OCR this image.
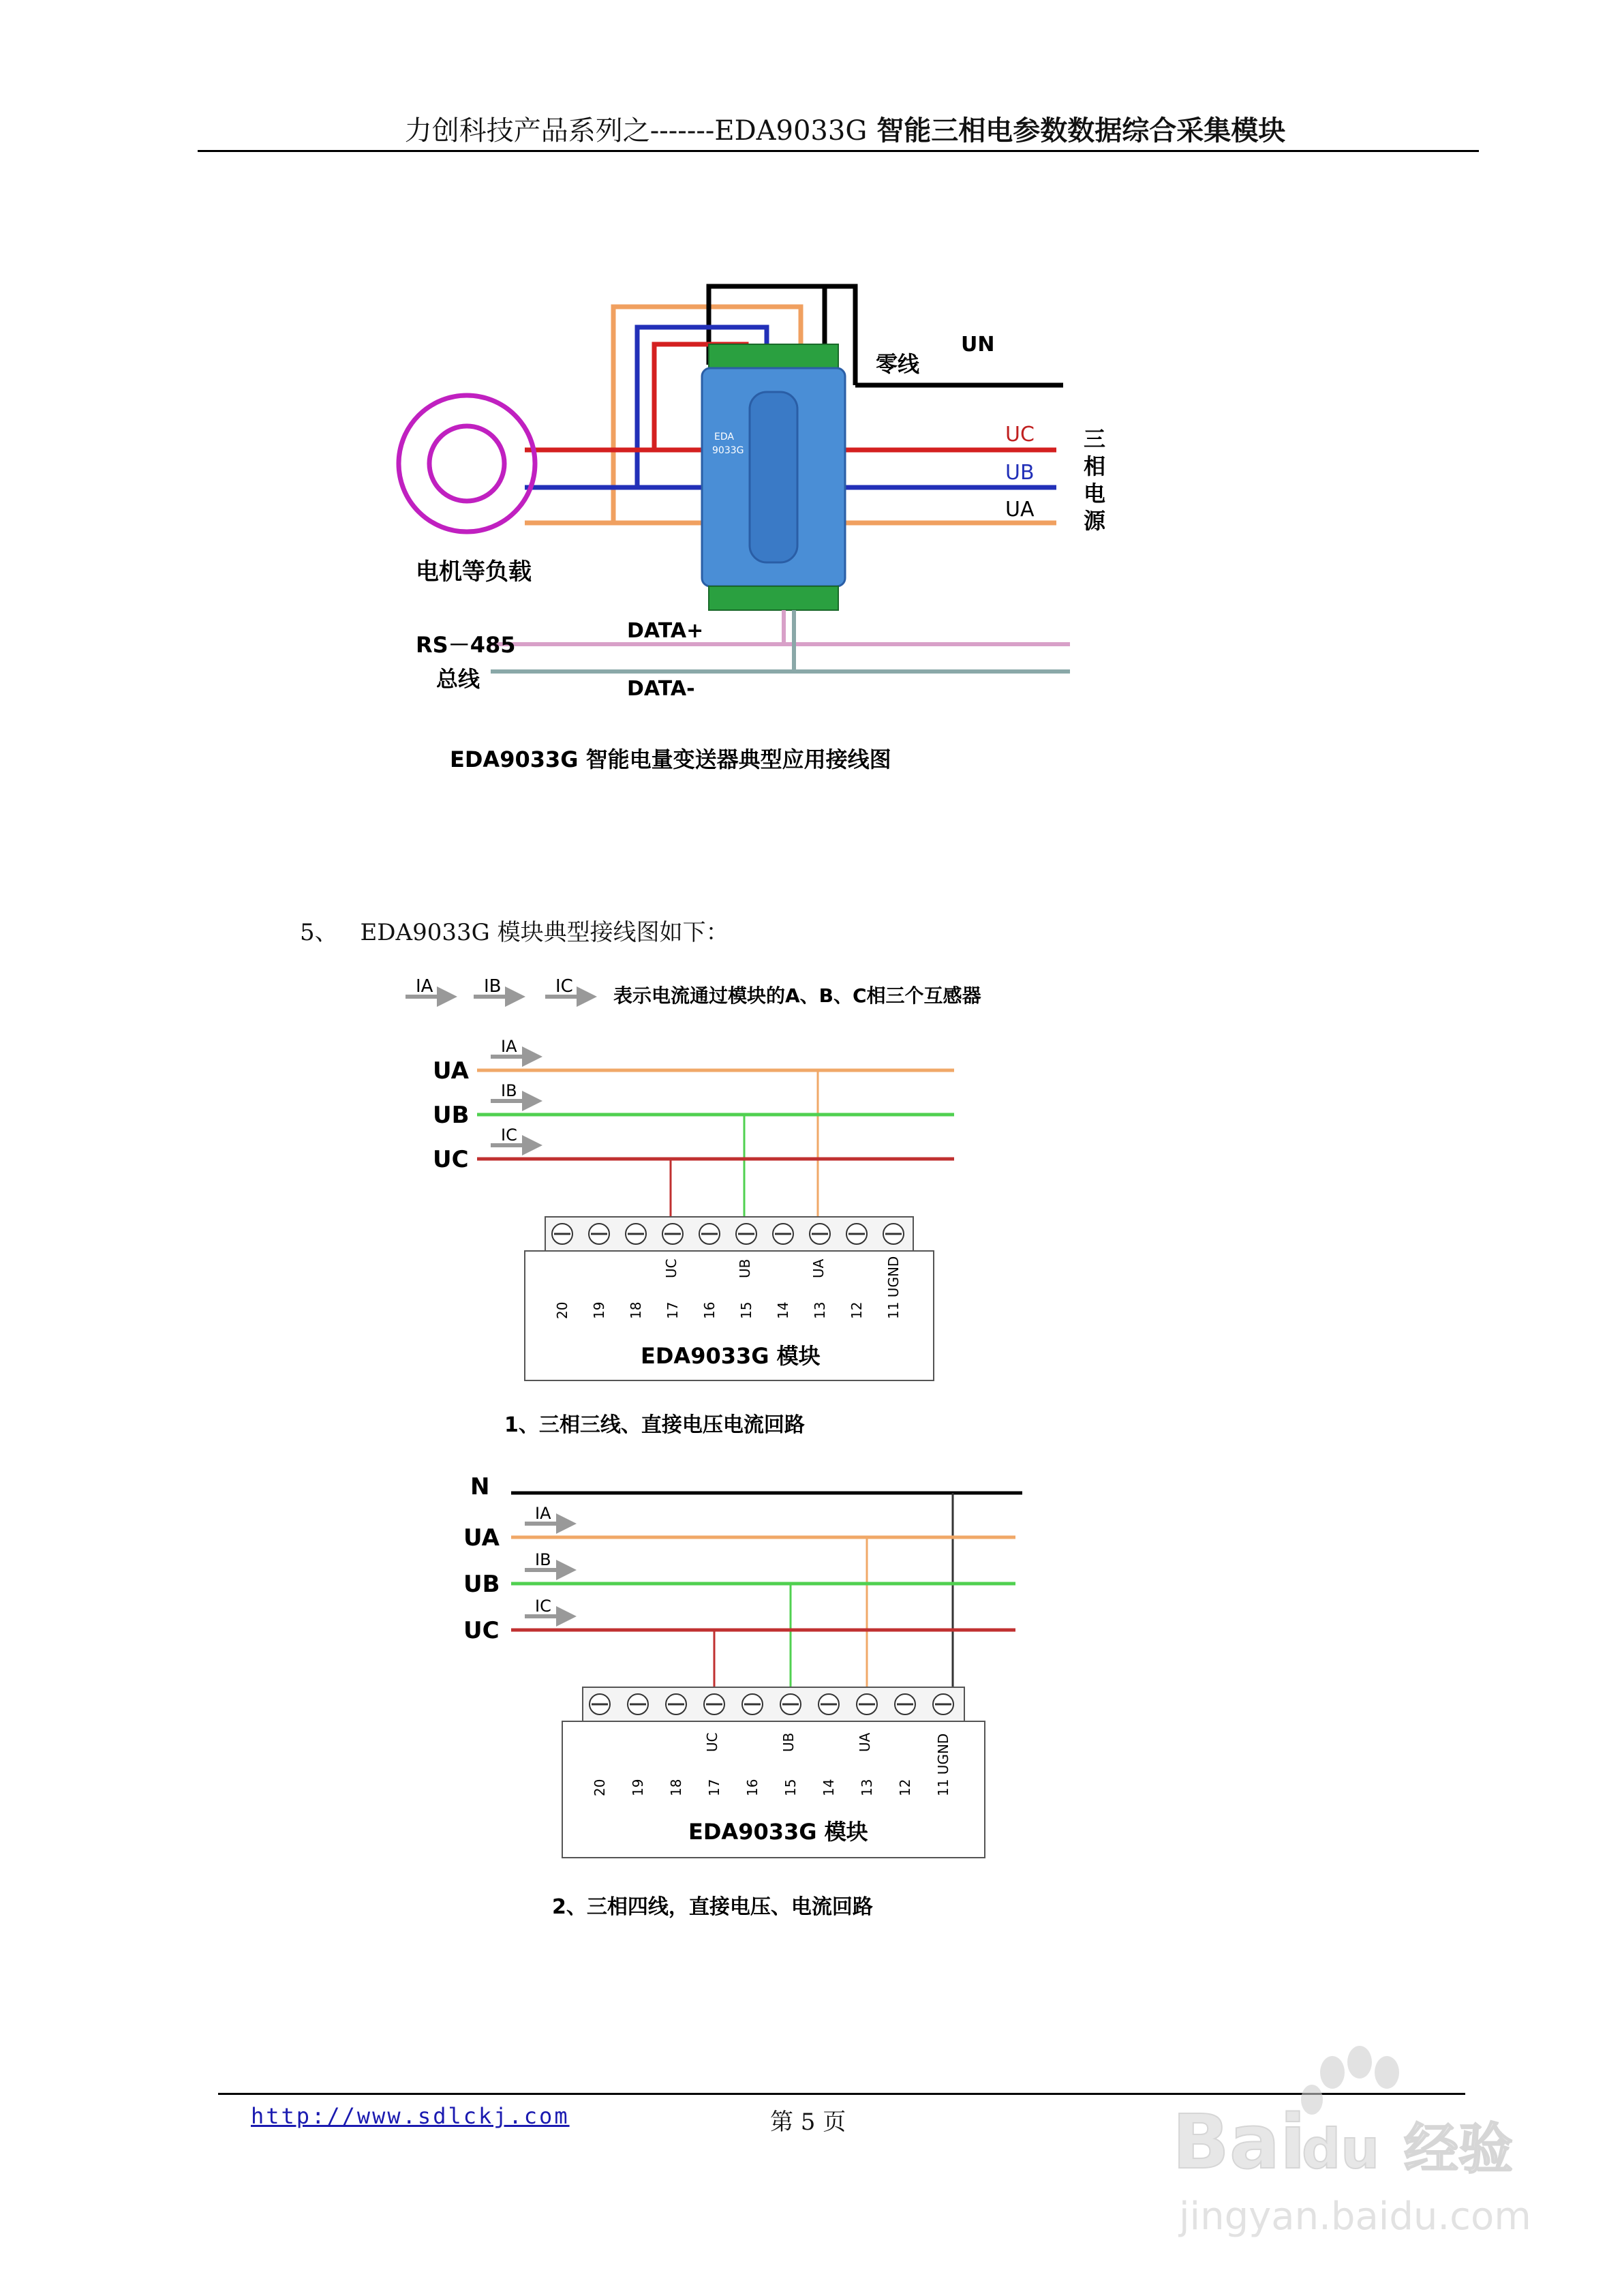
力创科技产品系列之-------EDA9033G 智能三相电参数数据综合采集模块
零线
UN
UC
UB
UA
三
相
电
源
电机等负载
EDA
9033G
RS－485
总线
DATA+
DATA-
EDA9033G 智能电量变送器典型应用接线图
5、 EDA9033G 模块典型接线图如下：
IA	IB	IC 表示电流通过模块的A、B、C相三个互感器
UA
IA
UB
IB
UC
IC
20 19 18 17 16 15 14 13 12 11 UGND
UC	UB	UA
EDA9033G 模块
1、三相三线、直接电压电流回路
N
UA
IA
UB
IB
UC
IC
20 19 18 17 16 15 14 13 12 11 UGND
UC	UB	UA
EDA9033G 模块
2、三相四线，直接电压、电流回路
http://www.sdlckj.com	第 5 页	Bai
du 经验
jingyan.baidu.com
